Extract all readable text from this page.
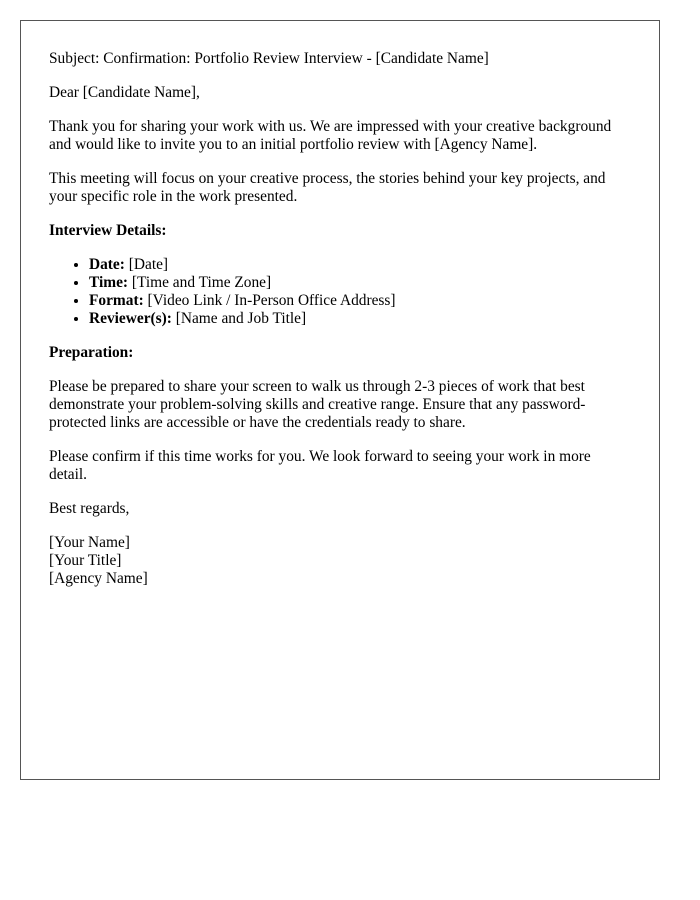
Subject: Confirmation: Portfolio Review Interview - [Candidate Name]

Dear [Candidate Name],

Thank you for sharing your work with us. We are impressed with your creative background and would like to invite you to an initial portfolio review with [Agency Name].

This meeting will focus on your creative process, the stories behind your key projects, and your specific role in the work presented.

Interview Details:

• Date: [Date]
• Time: [Time and Time Zone]
• Format: [Video Link / In-Person Office Address]
• Reviewer(s): [Name and Job Title]

Preparation:

Please be prepared to share your screen to walk us through 2-3 pieces of work that best demonstrate your problem-solving skills and creative range. Ensure that any password-protected links are accessible or have the credentials ready to share.

Please confirm if this time works for you. We look forward to seeing your work in more detail.

Best regards,

[Your Name]
[Your Title]
[Agency Name]
